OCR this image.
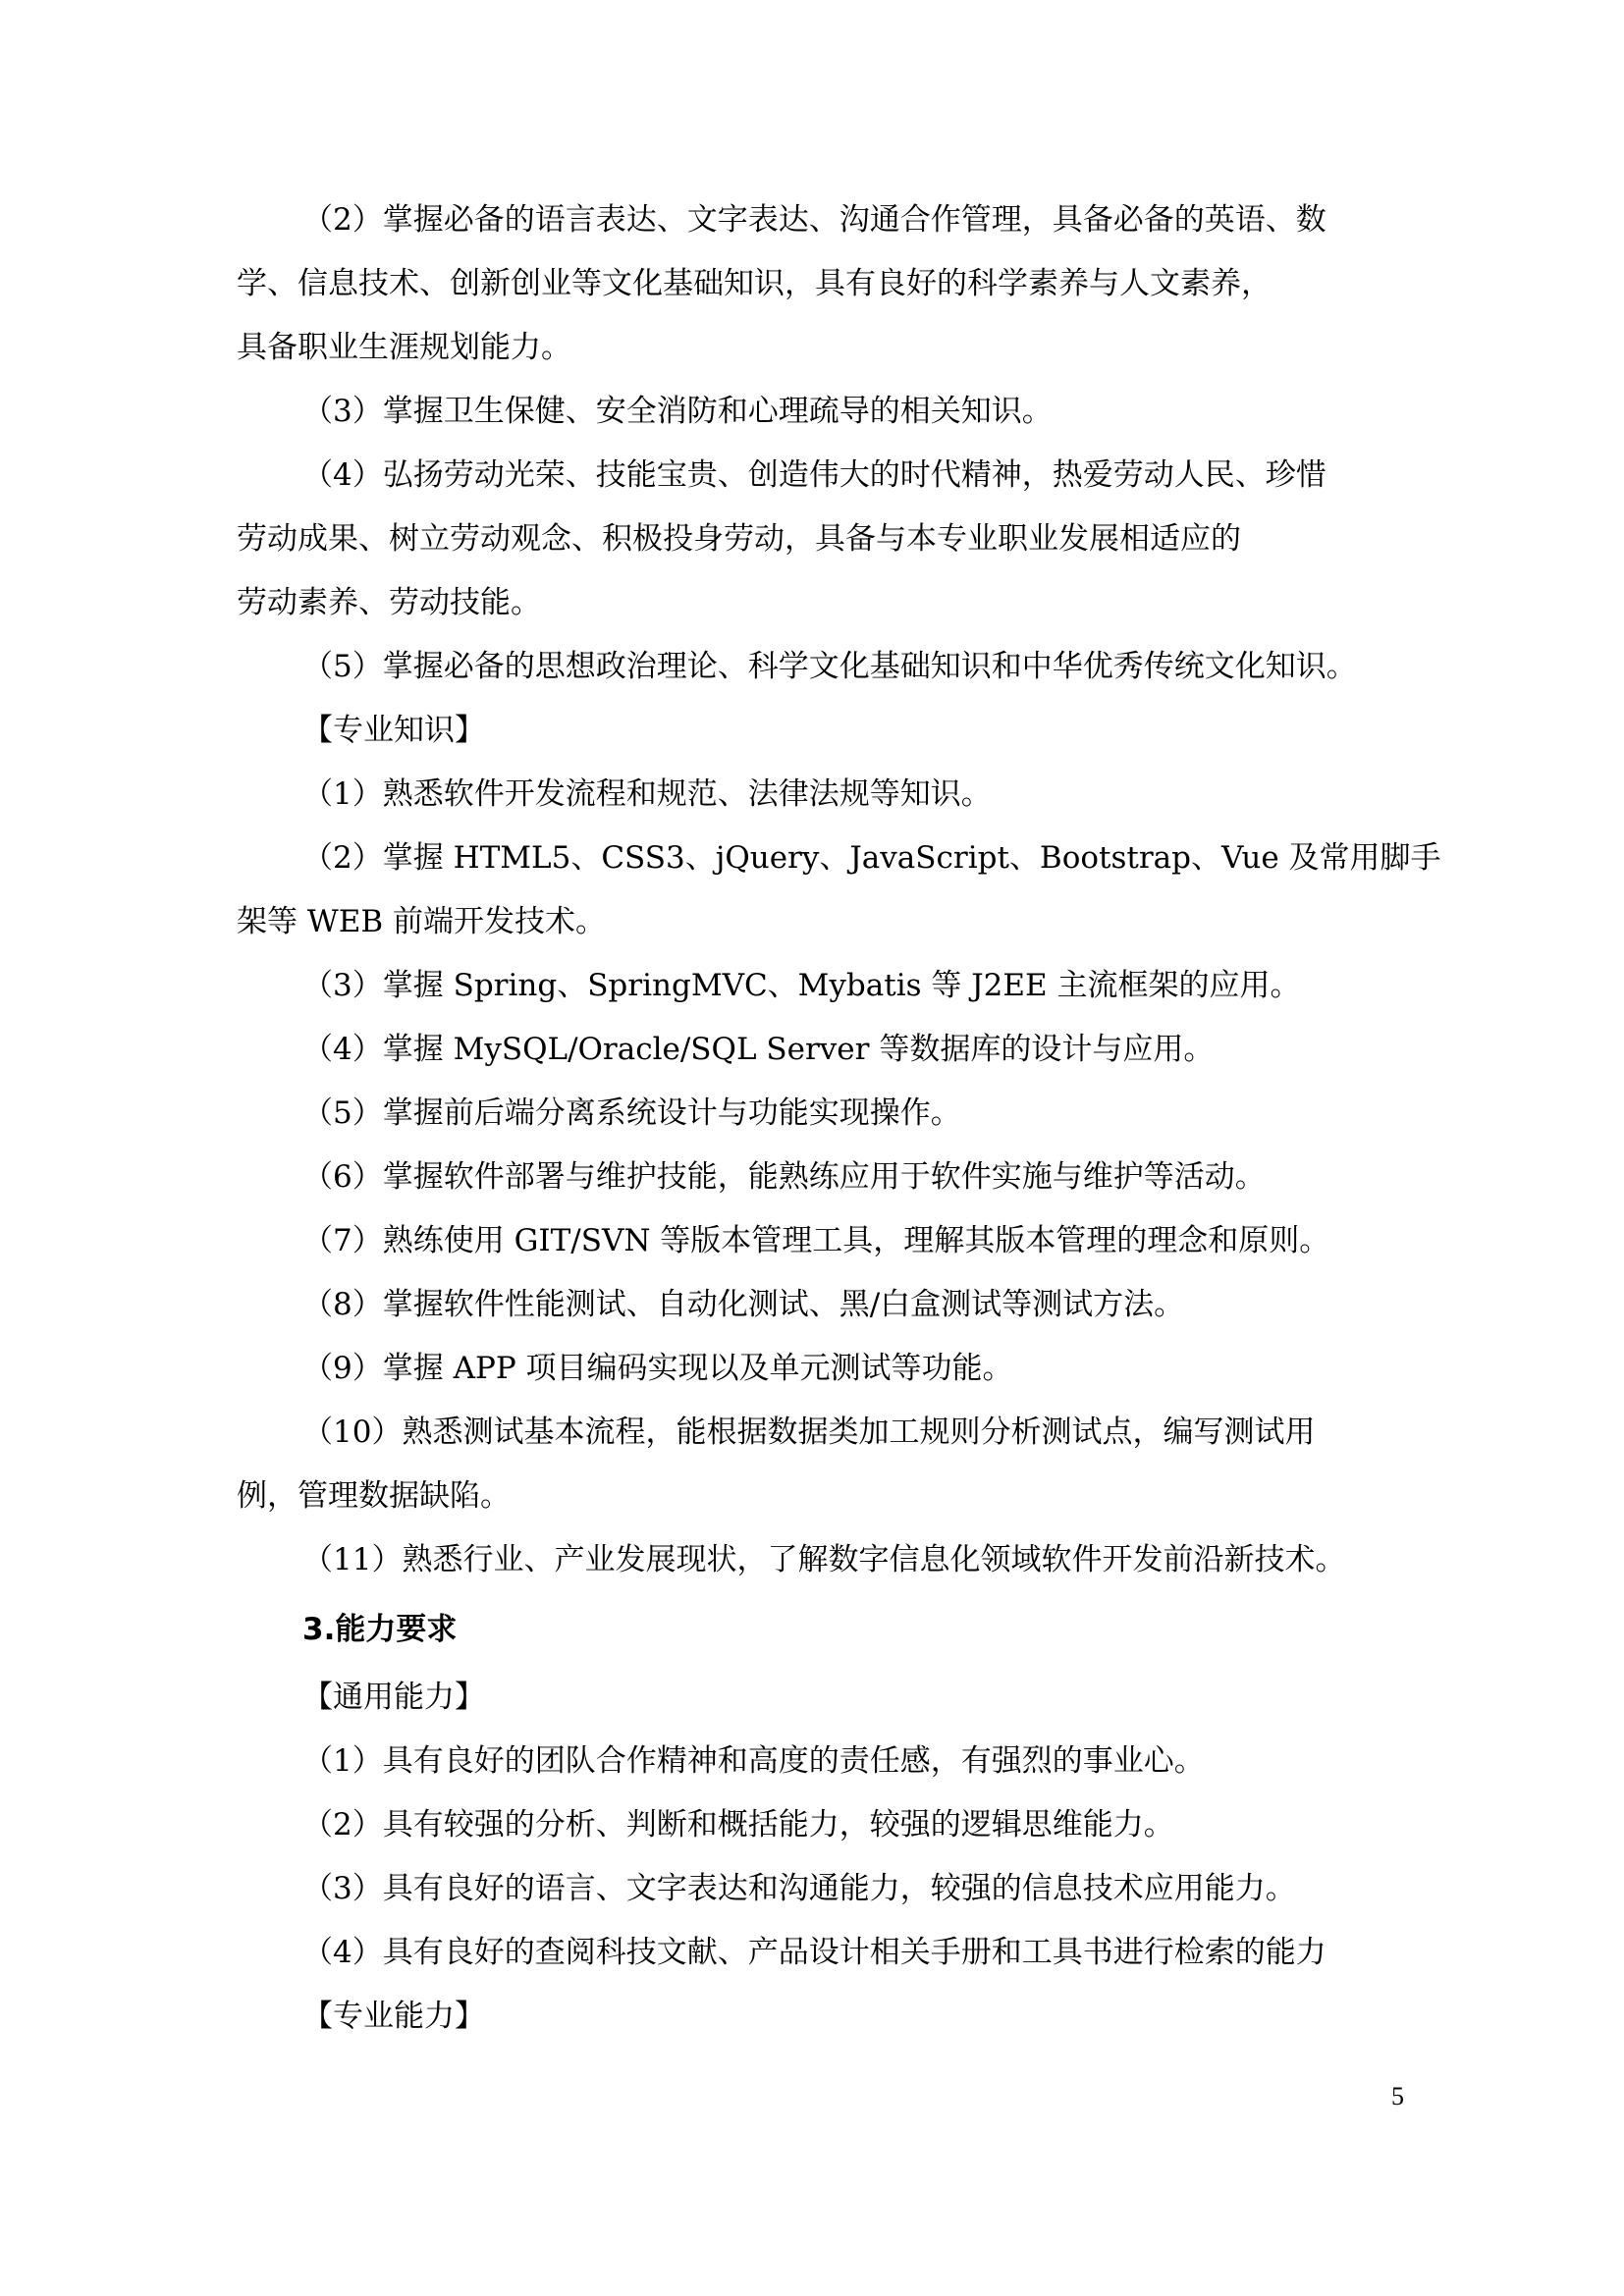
（2）掌握必备的语言表达、文字表达、沟通合作管理，具备必备的英语、数
学、信息技术、创新创业等文化基础知识，具有良好的科学素养与人文素养，
具备职业生涯规划能力。
（3）掌握卫生保健、安全消防和心理疏导的相关知识。
（4）弘扬劳动光荣、技能宝贵、创造伟大的时代精神，热爱劳动人民、珍惜
劳动成果、树立劳动观念、积极投身劳动，具备与本专业职业发展相适应的
劳动素养、劳动技能。
（5）掌握必备的思想政治理论、科学文化基础知识和中华优秀传统文化知识。
【专业知识】
（1）熟悉软件开发流程和规范、法律法规等知识。
（2）掌握 HTML5、CSS3、jQuery、JavaScript、Bootstrap、Vue 及常用脚手
架等 WEB 前端开发技术。
（3）掌握 Spring、SpringMVC、Mybatis 等 J2EE 主流框架的应用。
（4）掌握 MySQL/Oracle/SQL Server 等数据库的设计与应用。
（5）掌握前后端分离系统设计与功能实现操作。
（6）掌握软件部署与维护技能，能熟练应用于软件实施与维护等活动。
（7）熟练使用 GIT/SVN 等版本管理工具，理解其版本管理的理念和原则。
（8）掌握软件性能测试、自动化测试、黑/白盒测试等测试方法。
（9）掌握 APP 项目编码实现以及单元测试等功能。
（10）熟悉测试基本流程，能根据数据类加工规则分析测试点，编写测试用
例，管理数据缺陷。
（11）熟悉行业、产业发展现状，了解数字信息化领域软件开发前沿新技术。
3.能力要求
【通用能力】
（1）具有良好的团队合作精神和高度的责任感，有强烈的事业心。
（2）具有较强的分析、判断和概括能力，较强的逻辑思维能力。
（3）具有良好的语言、文字表达和沟通能力，较强的信息技术应用能力。
（4）具有良好的查阅科技文献、产品设计相关手册和工具书进行检索的能力
【专业能力】
5
